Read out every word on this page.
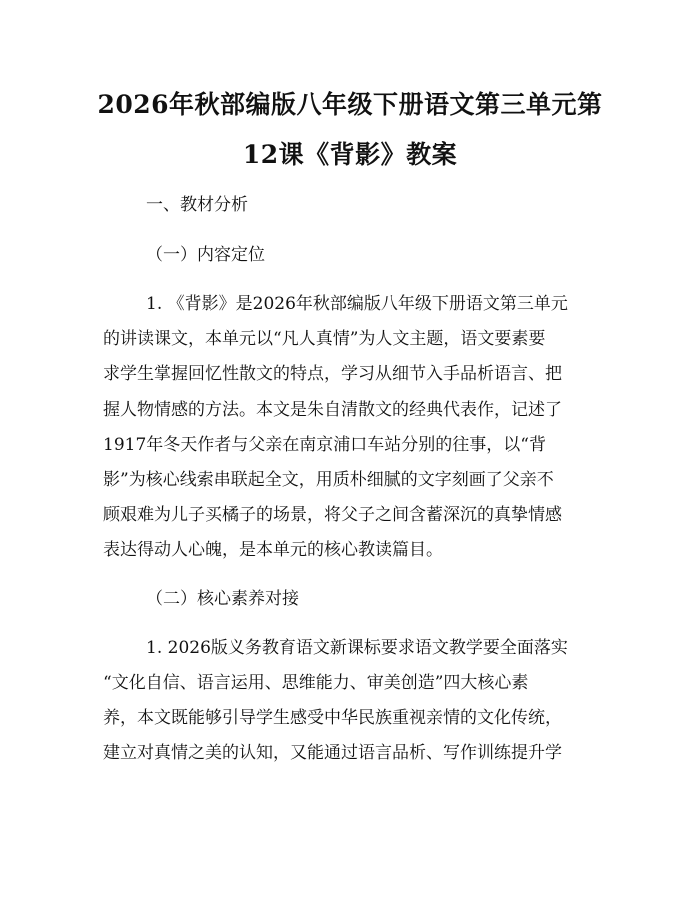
2026年秋部编版八年级下册语文第三单元第
12课《背影》教案

一、教材分析

（一）内容定位

1. 《背影》是2026年秋部编版八年级下册语文第三单元

的讲读课文，本单元以“凡人真情”为人文主题，语文要素要

求学生掌握回忆性散文的特点，学习从细节入手品析语言、把

握人物情感的方法。本文是朱自清散文的经典代表作，记述了

1917年冬天作者与父亲在南京浦口车站分别的往事，以“背

影”为核心线索串联起全文，用质朴细腻的文字刻画了父亲不

顾艰难为儿子买橘子的场景，将父子之间含蓄深沉的真挚情感

表达得动人心魄，是本单元的核心教读篇目。

（二）核心素养对接

1. 2026版义务教育语文新课标要求语文教学要全面落实

“文化自信、语言运用、思维能力、审美创造”四大核心素

养，本文既能够引导学生感受中华民族重视亲情的文化传统，

建立对真情之美的认知，又能通过语言品析、写作训练提升学
